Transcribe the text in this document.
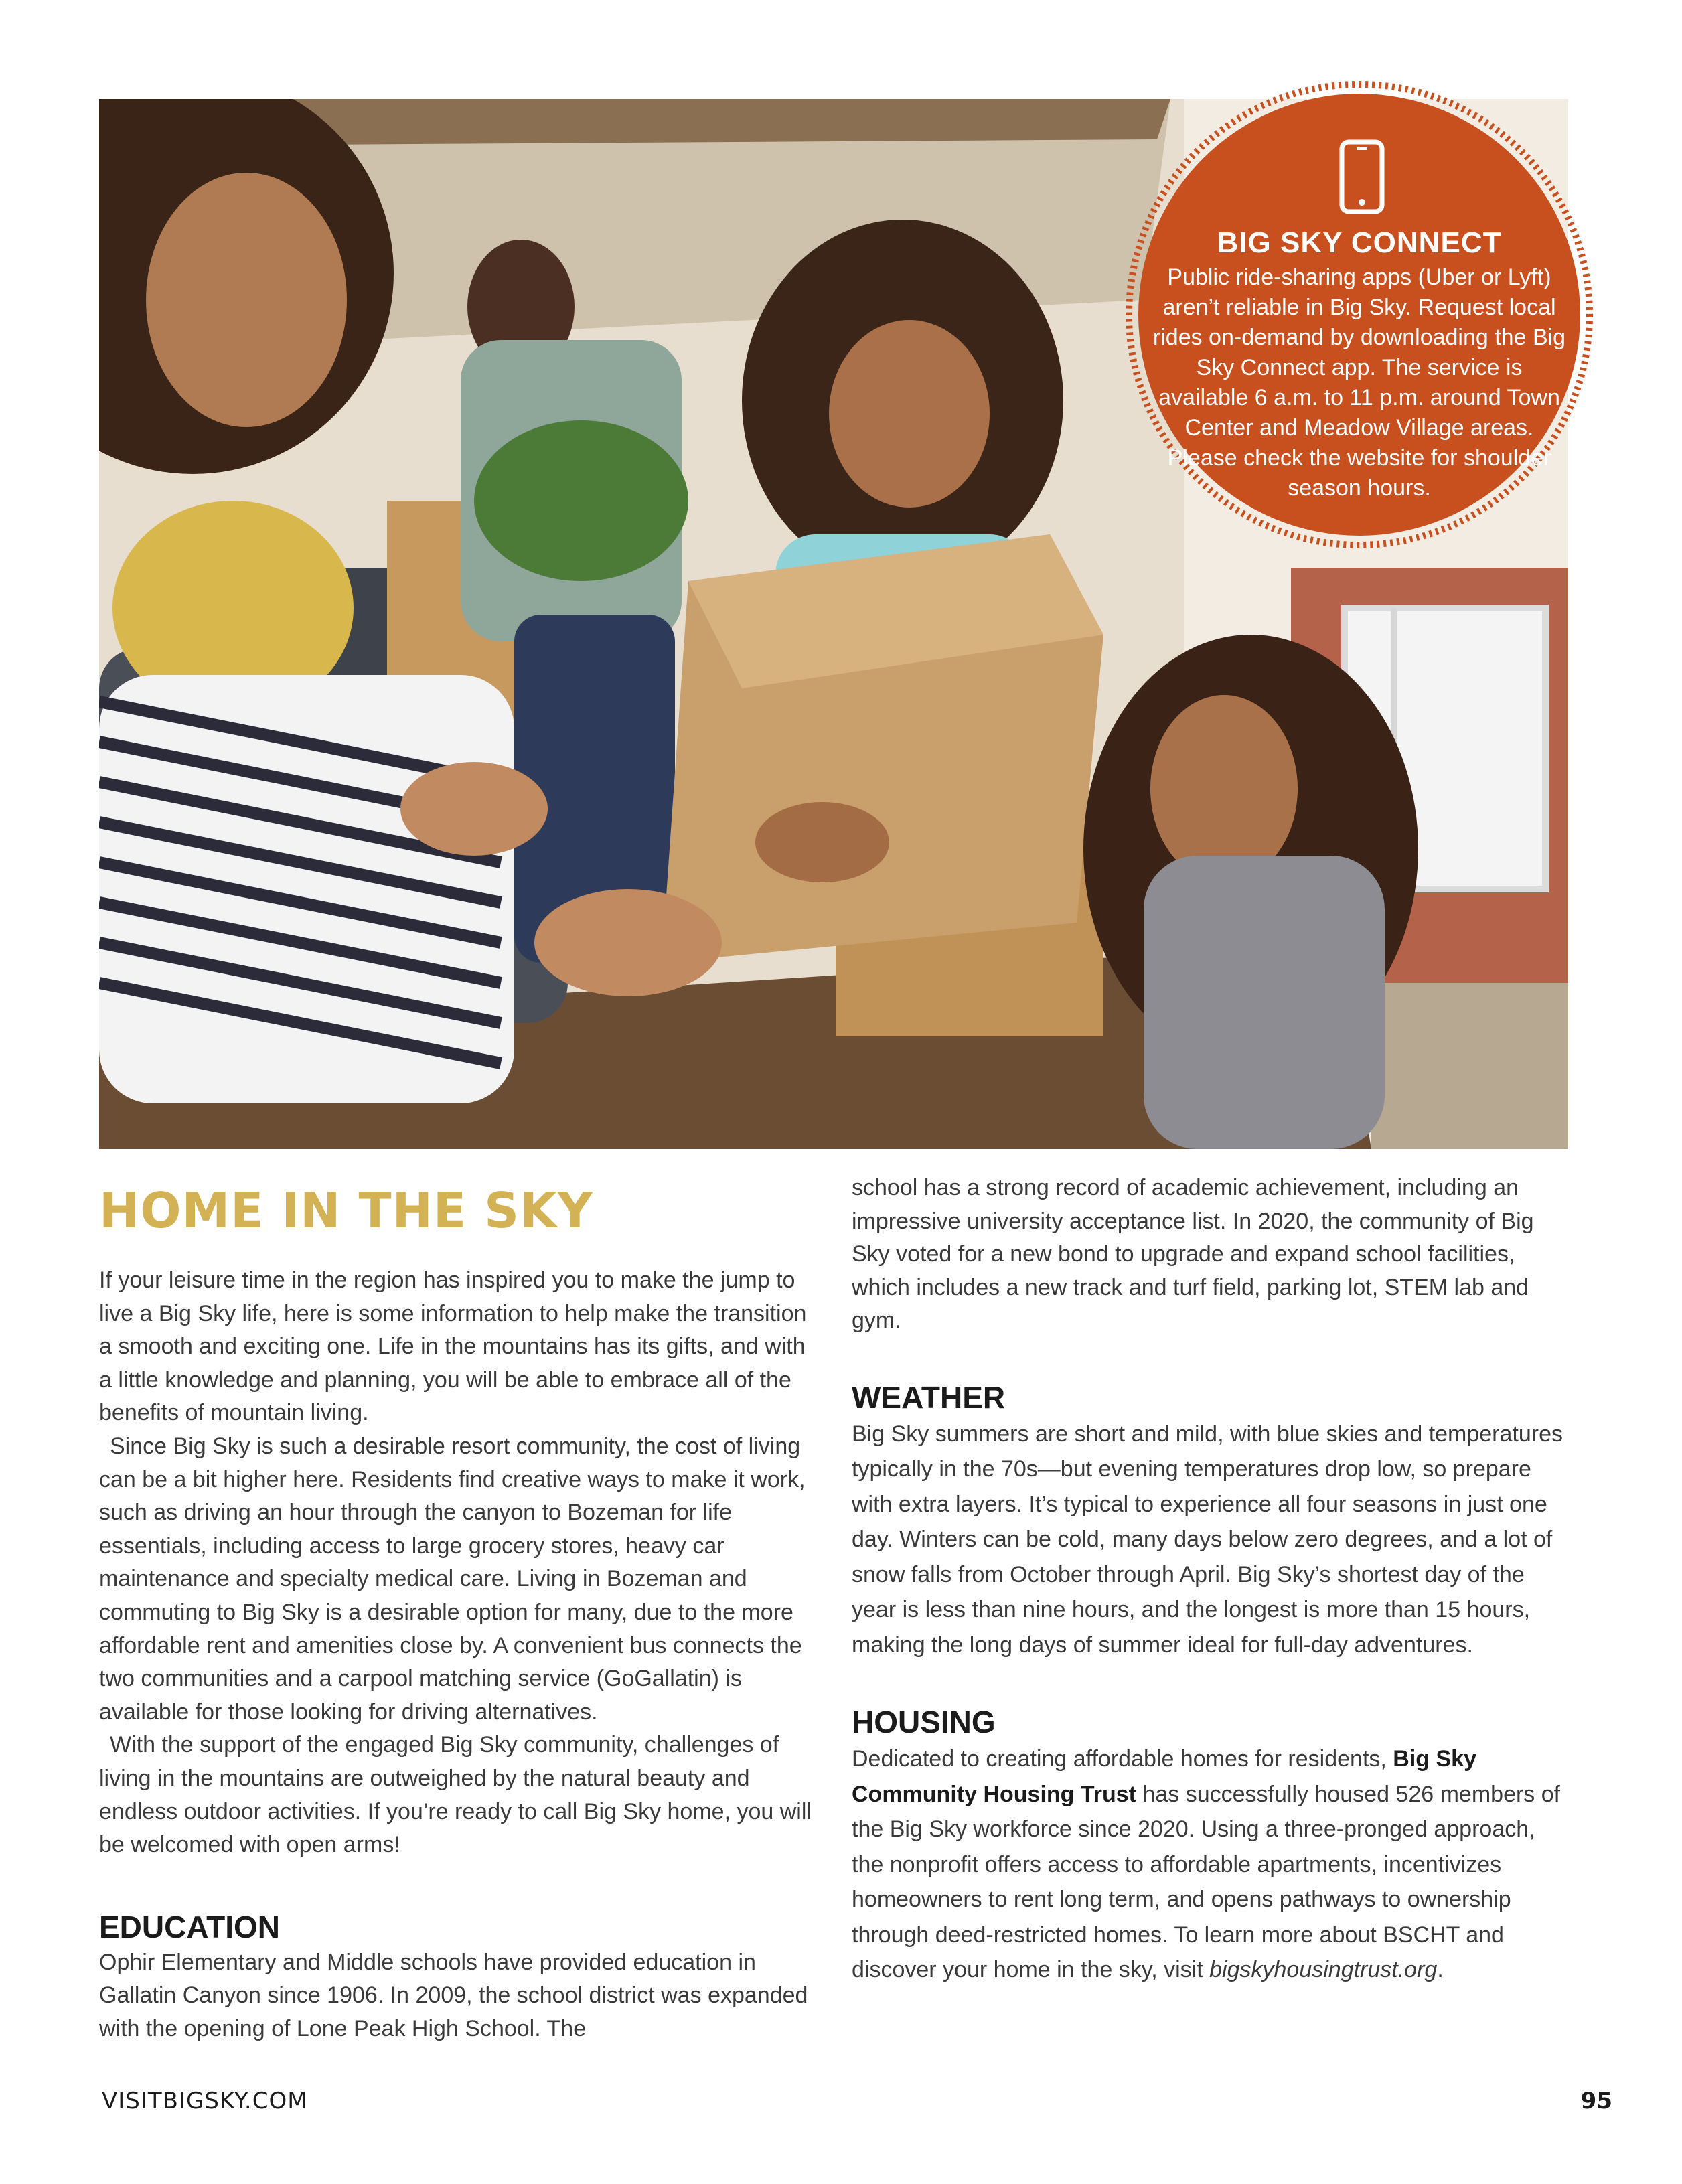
BIG SKY CONNECT
Public ride-sharing apps (Uber or Lyft) aren’t reliable in Big Sky. Request local rides on-demand by downloading the Big Sky Connect app. The service is available 6 a.m. to 11 p.m. around Town Center and Meadow Village areas. Please check the website for shoulder season hours.
HOME IN THE SKY

If your leisure time in the region has inspired you to make the jump to live a Big Sky life, here is some information to help make the transition a smooth and exciting one. Life in the mountains has its gifts, and with a little knowledge and planning, you will be able to embrace all of the benefits of mountain living.

Since Big Sky is such a desirable resort community, the cost of living can be a bit higher here. Residents find creative ways to make it work, such as driving an hour through the canyon to Bozeman for life essentials, including access to large grocery stores, heavy car maintenance and specialty medical care. Living in Bozeman and commuting to Big Sky is a desirable option for many, due to the more affordable rent and amenities close by. A convenient bus connects the two communities and a carpool matching service (GoGallatin) is available for those looking for driving alternatives.

With the support of the engaged Big Sky community, challenges of living in the mountains are outweighed by the natural beauty and endless outdoor activities. If you’re ready to call Big Sky home, you will be welcomed with open arms!

EDUCATION

Ophir Elementary and Middle schools have provided education in Gallatin Canyon since 1906. In 2009, the school district was expanded with the opening of Lone Peak High School. The

school has a strong record of academic achievement, including an impressive university acceptance list. In 2020, the community of Big Sky voted for a new bond to upgrade and expand school facilities, which includes a new track and turf field, parking lot, STEM lab and gym.

WEATHER

Big Sky summers are short and mild, with blue skies and temperatures typically in the 70s—but evening temperatures drop low, so prepare with extra layers. It’s typical to experience all four seasons in just one day. Winters can be cold, many days below zero degrees, and a lot of snow falls from October through April. Big Sky’s shortest day of the year is less than nine hours, and the longest is more than 15 hours, making the long days of summer ideal for full-day adventures.

HOUSING

Dedicated to creating affordable homes for residents, Big Sky Community Housing Trust has successfully housed 526 members of the Big Sky workforce since 2020. Using a three-pronged approach, the nonprofit offers access to affordable apartments, incentivizes homeowners to rent long term, and opens pathways to ownership through deed-restricted homes. To learn more about BSCHT and discover your home in the sky, visit bigskyhousingtrust.org.

VISITBIGSKY.COM	95
